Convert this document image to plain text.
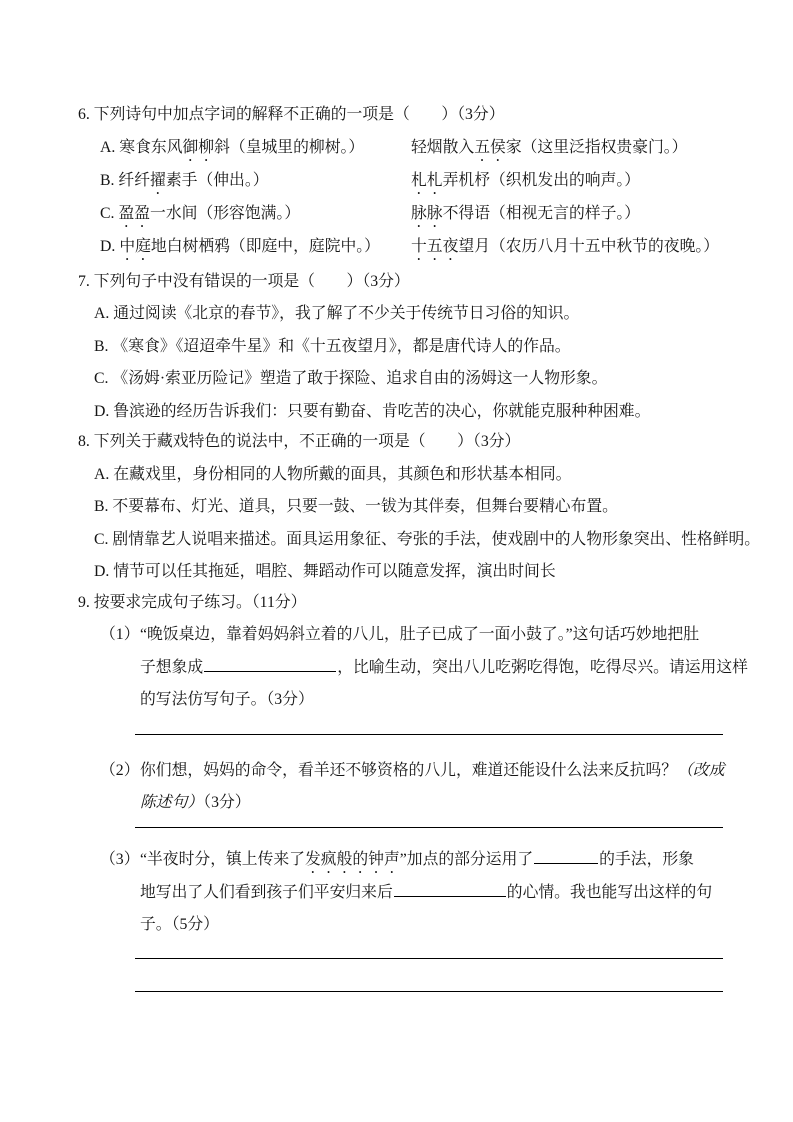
6. 下列诗句中加点字词的解释不正确的一项是（　　）（3分）
A. 寒食东风御柳斜（皇城里的柳树。）	轻烟散入五侯家（这里泛指权贵豪门。）
B. 纤纤擢素手（伸出。）	札札弄机杼（织机发出的响声。）
C. 盈盈一水间（形容饱满。）	脉脉不得语（相视无言的样子。）
D. 中庭地白树栖鸦（即庭中，庭院中。）	十五夜望月（农历八月十五中秋节的夜晚。）
7. 下列句子中没有错误的一项是（　　）（3分）
A. 通过阅读《北京的春节》，我了解了不少关于传统节日习俗的知识。
B. 《寒食》《迢迢牵牛星》和《十五夜望月》，都是唐代诗人的作品。
C. 《汤姆·索亚历险记》塑造了敢于探险、追求自由的汤姆这一人物形象。
D. 鲁滨逊的经历告诉我们：只要有勤奋、肯吃苦的决心，你就能克服种种困难。
8. 下列关于藏戏特色的说法中，不正确的一项是（　　）（3分）
A. 在藏戏里，身份相同的人物所戴的面具，其颜色和形状基本相同。
B. 不要幕布、灯光、道具，只要一鼓、一钹为其伴奏，但舞台要精心布置。
C. 剧情靠艺人说唱来描述。面具运用象征、夸张的手法，使戏剧中的人物形象突出、性格鲜明。
D. 情节可以任其拖延，唱腔、舞蹈动作可以随意发挥，演出时间长
9. 按要求完成句子练习。（11分）
（1） “晚饭桌边，靠着妈妈斜立着的八儿，肚子已成了一面小鼓了。”这句话巧妙地把肚
子想象成	，比喻生动，突出八儿吃粥吃得饱，吃得尽兴。请运用这样
的写法仿写句子。（3分）
（2） 你们想，妈妈的命令，看羊还不够资格的八儿，难道还能设什么法来反抗吗？（改成
陈述句）（3分）
（3） “半夜时分，镇上传来了发疯般的钟声”加点的部分运用了	的手法，形象
地写出了人们看到孩子们平安归来后	的心情。我也能写出这样的句
子。（5分）
